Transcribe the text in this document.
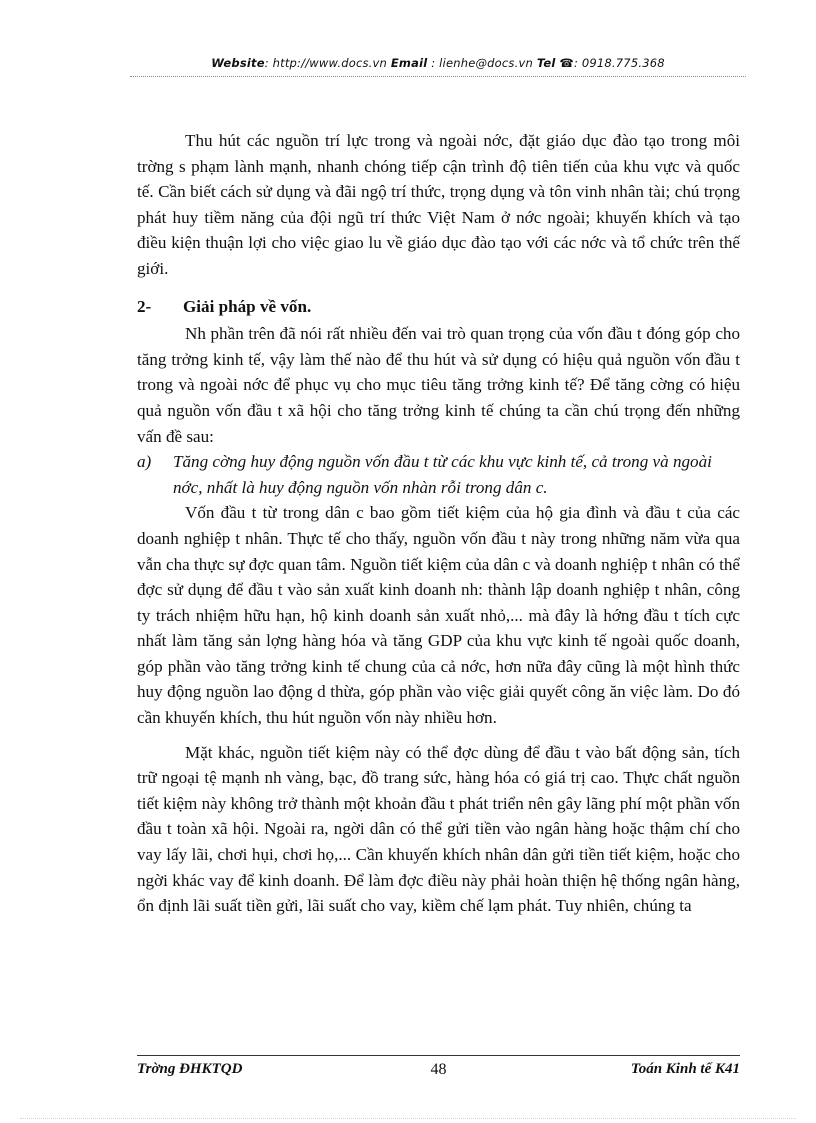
Website: http://www.docs.vn Email : lienhe@docs.vn Tel ☎: 0918.775.368

Thu hút các nguồn trí lực trong và ngoài nớc, đặt giáo dục đào tạo trong môi trờng s phạm lành mạnh, nhanh chóng tiếp cận trình độ tiên tiến của khu vực và quốc tế. Cần biết cách sử dụng và đãi ngộ trí thức, trọng dụng và tôn vinh nhân tài; chú trọng phát huy tiềm năng của đội ngũ trí thức Việt Nam ở nớc ngoài; khuyến khích và tạo điều kiện thuận lợi cho việc giao lu về giáo dục đào tạo với các nớc và tổ chức trên thế giới.

2-	Giải pháp về vốn.

Nh phần trên đã nói rất nhiều đến vai trò quan trọng của vốn đầu t đóng góp cho tăng trởng kinh tế, vậy làm thế nào để thu hút và sử dụng có hiệu quả nguồn vốn đầu t trong và ngoài nớc để phục vụ cho mục tiêu tăng trởng kinh tế? Để tăng cờng có hiệu quả nguồn vốn đầu t xã hội cho tăng trởng kinh tế chúng ta cần chú trọng đến những vấn đề sau:

a)	Tăng cờng huy động nguồn vốn đầu t từ các khu vực kinh tế, cả trong và ngoài nớc, nhất là huy động nguồn vốn nhàn rỗi trong dân c.

Vốn đầu t từ trong dân c bao gồm tiết kiệm của hộ gia đình và đầu t của các doanh nghiệp t nhân. Thực tế cho thấy, nguồn vốn đầu t này trong những năm vừa qua vẫn cha thực sự đợc quan tâm. Nguồn tiết kiệm của dân c và doanh nghiệp t nhân có thể đợc sử dụng để đầu t vào sản xuất kinh doanh nh: thành lập doanh nghiệp t nhân, công ty trách nhiệm hữu hạn, hộ kinh doanh sản xuất nhỏ,... mà đây là hớng đầu t tích cực nhất làm tăng sản lợng hàng hóa và tăng GDP của khu vực kinh tế ngoài quốc doanh, góp phần vào tăng trởng kinh tế chung của cả nớc, hơn nữa đây cũng là một hình thức huy động nguồn lao động d thừa, góp phần vào việc giải quyết công ăn việc làm. Do đó cần khuyến khích, thu hút nguồn vốn này nhiều hơn.

Mặt khác, nguồn tiết kiệm này có thể đợc dùng để đầu t vào bất động sản, tích trữ ngoại tệ mạnh nh vàng, bạc, đồ trang sức, hàng hóa có giá trị cao. Thực chất nguồn tiết kiệm này không trở thành một khoản đầu t phát triển nên gây lãng phí một phần vốn đầu t toàn xã hội. Ngoài ra, ngời dân có thể gửi tiền vào ngân hàng hoặc thậm chí cho vay lấy lãi, chơi hụi, chơi họ,... Cần khuyến khích nhân dân gửi tiền tiết kiệm, hoặc cho ngời khác vay để kinh doanh. Để làm đợc điều này phải hoàn thiện hệ thống ngân hàng, ổn định lãi suất tiền gửi, lãi suất cho vay, kiềm chế lạm phát. Tuy nhiên, chúng ta

Trờng ĐHKTQD	48	Toán Kinh tế K41
